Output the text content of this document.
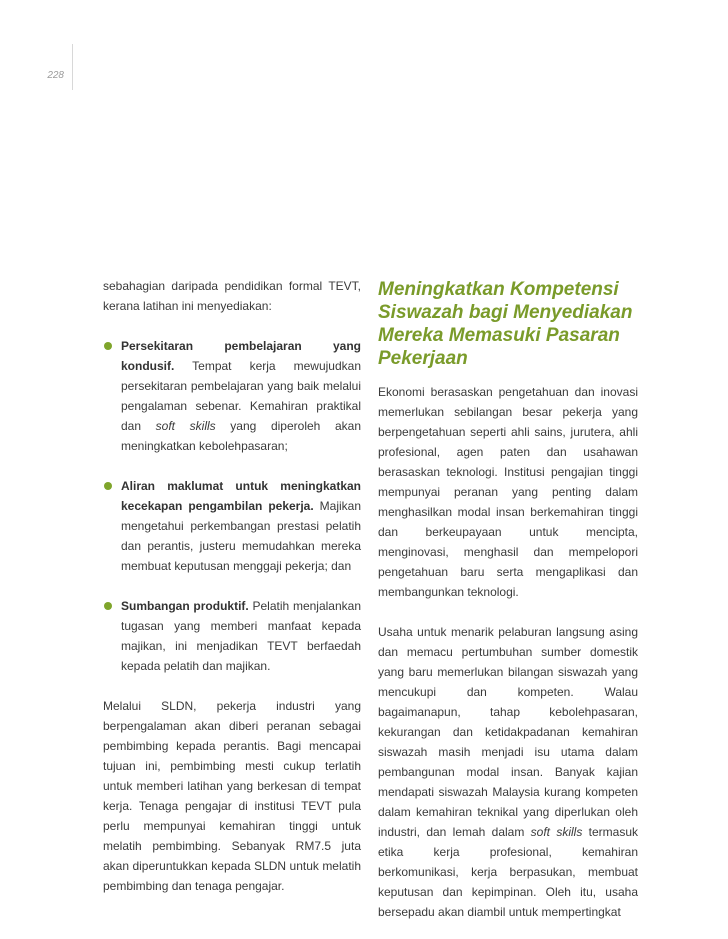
228

sebahagian daripada pendidikan formal TEVT, kerana latihan ini menyediakan:

Persekitaran pembelajaran yang kondusif. Tempat kerja mewujudkan persekitaran pembelajaran yang baik melalui pengalaman sebenar. Kemahiran praktikal dan soft skills yang diperoleh akan meningkatkan kebolehpasaran;
Aliran maklumat untuk meningkatkan kecekapan pengambilan pekerja. Majikan mengetahui perkembangan prestasi pelatih dan perantis, justeru memudahkan mereka membuat keputusan menggaji pekerja; dan
Sumbangan produktif. Pelatih menjalankan tugasan yang memberi manfaat kepada majikan, ini menjadikan TEVT berfaedah kepada pelatih dan majikan.

Melalui SLDN, pekerja industri yang berpengalaman akan diberi peranan sebagai pembimbing kepada perantis. Bagi mencapai tujuan ini, pembimbing mesti cukup terlatih untuk memberi latihan yang berkesan di tempat kerja. Tenaga pengajar di institusi TEVT pula perlu mempunyai kemahiran tinggi untuk melatih pembimbing. Sebanyak RM7.5 juta akan diperuntukkan kepada SLDN untuk melatih pembimbing dan tenaga pengajar.

Meningkatkan Kompetensi Siswazah bagi Menyediakan Mereka Memasuki Pasaran Pekerjaan

Ekonomi berasaskan pengetahuan dan inovasi memerlukan sebilangan besar pekerja yang berpengetahuan seperti ahli sains, jurutera, ahli profesional, agen paten dan usahawan berasaskan teknologi. Institusi pengajian tinggi mempunyai peranan yang penting dalam menghasilkan modal insan berkemahiran tinggi dan berkeupayaan untuk mencipta, menginovasi, menghasil dan mempelopori pengetahuan baru serta mengaplikasi dan membangunkan teknologi.

Usaha untuk menarik pelaburan langsung asing dan memacu pertumbuhan sumber domestik yang baru memerlukan bilangan siswazah yang mencukupi dan kompeten. Walau bagaimanapun, tahap kebolehpasaran, kekurangan dan ketidakpadanan kemahiran siswazah masih menjadi isu utama dalam pembangunan modal insan. Banyak kajian mendapati siswazah Malaysia kurang kompeten dalam kemahiran teknikal yang diperlukan oleh industri, dan lemah dalam soft skills termasuk etika kerja profesional, kemahiran berkomunikasi, kerja berpasukan, membuat keputusan dan kepimpinan. Oleh itu, usaha bersepadu akan diambil untuk mempertingkat
